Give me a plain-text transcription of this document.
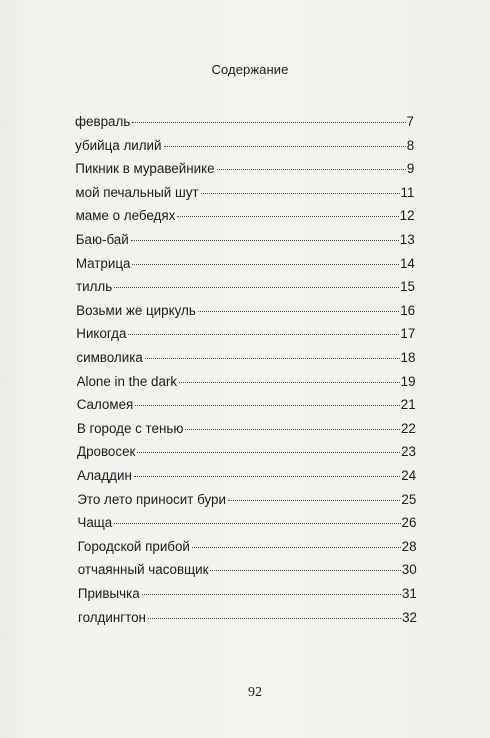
Содержание
февраль	7
убийца лилий	8
Пикник в муравейнике	9
мой печальный шут	11
маме о лебедях	12
Баю-бай	13
Матрица	14
тилль	15
Возьми же циркуль	16
Никогда	17
символика	18
Alone in the dark	19
Саломея	21
В городе с тенью	22
Дровосек	23
Аладдин	24
Это лето приносит бури	25
Чаща	26
Городской прибой	28
отчаянный часовщик	30
Привычка	31
голдингтон	32
92
